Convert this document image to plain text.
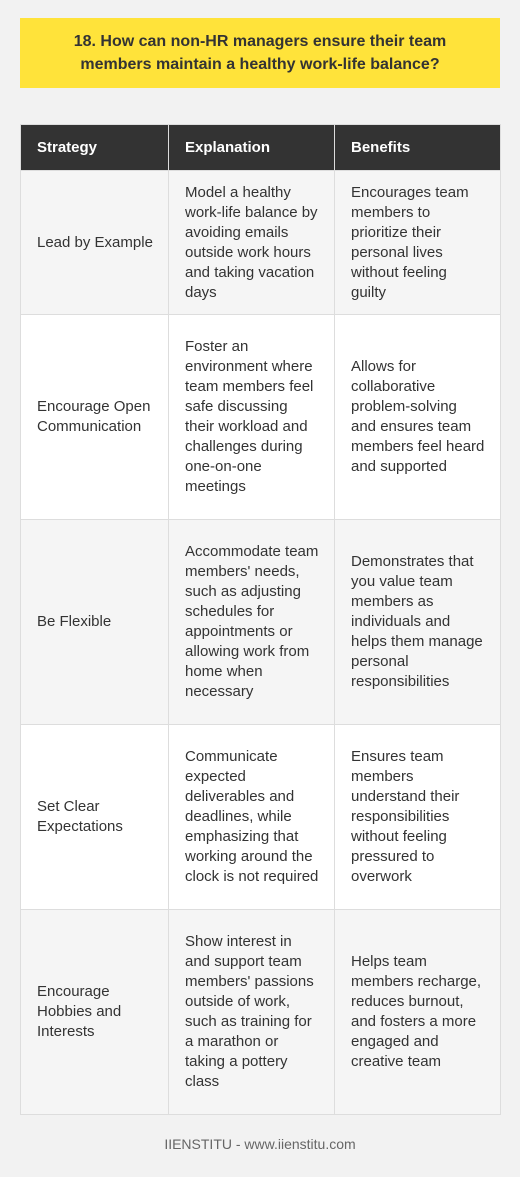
18. How can non-HR managers ensure their team members maintain a healthy work-life balance?
Strategy	Explanation	Benefits
Lead by Example	Model a healthy work-life balance by avoiding emails outside work hours and taking vacation days	Encourages team members to prioritize their personal lives without feeling guilty
Encourage Open Communication	Foster an environment where team members feel safe discussing their workload and challenges during one-on-one meetings	Allows for collaborative problem-solving and ensures team members feel heard and supported
Be Flexible	Accommodate team members' needs, such as adjusting schedules for appointments or allowing work from home when necessary	Demonstrates that you value team members as individuals and helps them manage personal responsibilities
Set Clear Expectations	Communicate expected deliverables and deadlines, while emphasizing that working around the clock is not required	Ensures team members understand their responsibilities without feeling pressured to overwork
Encourage Hobbies and Interests	Show interest in and support team members' passions outside of work, such as training for a marathon or taking a pottery class	Helps team members recharge, reduces burnout, and fosters a more engaged and creative team
IIENSTITU - www.iienstitu.com
